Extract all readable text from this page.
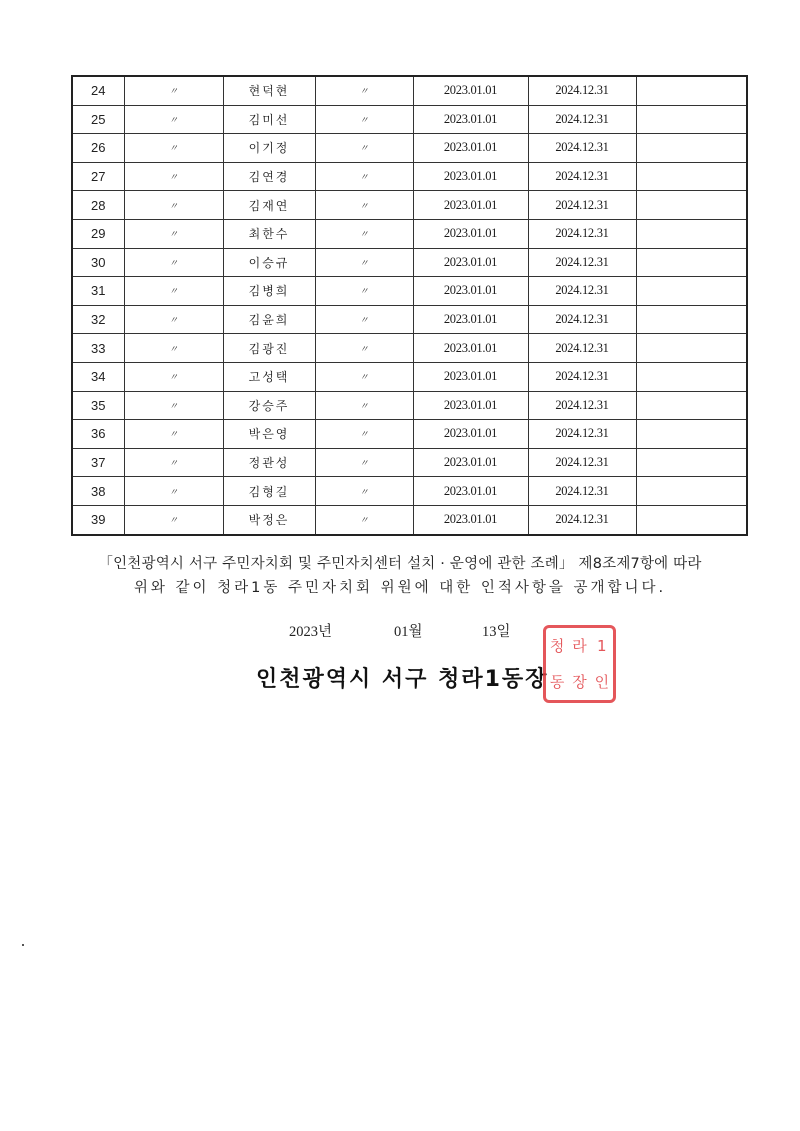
24	〃	현덕현	〃	2023.01.01	2024.12.31	
25	〃	김미선	〃	2023.01.01	2024.12.31	
26	〃	이기정	〃	2023.01.01	2024.12.31	
27	〃	김연경	〃	2023.01.01	2024.12.31	
28	〃	김재연	〃	2023.01.01	2024.12.31	
29	〃	최한수	〃	2023.01.01	2024.12.31	
30	〃	이승규	〃	2023.01.01	2024.12.31	
31	〃	김병희	〃	2023.01.01	2024.12.31	
32	〃	김윤희	〃	2023.01.01	2024.12.31	
33	〃	김광진	〃	2023.01.01	2024.12.31	
34	〃	고성택	〃	2023.01.01	2024.12.31	
35	〃	강승주	〃	2023.01.01	2024.12.31	
36	〃	박은영	〃	2023.01.01	2024.12.31	
37	〃	정관성	〃	2023.01.01	2024.12.31	
38	〃	김형길	〃	2023.01.01	2024.12.31	
39	〃	박정은	〃	2023.01.01	2024.12.31	
「인천광역시 서구 주민자치회 및 주민자치센터 설치 · 운영에 관한 조례」 제8조제7항에 따라
위와 같이 청라1동 주민자치회 위원에 대한 인적사항을 공개합니다.
2023년	01월	13일
인천광역시 서구 청라1동장
청 라 1
동 장 인
